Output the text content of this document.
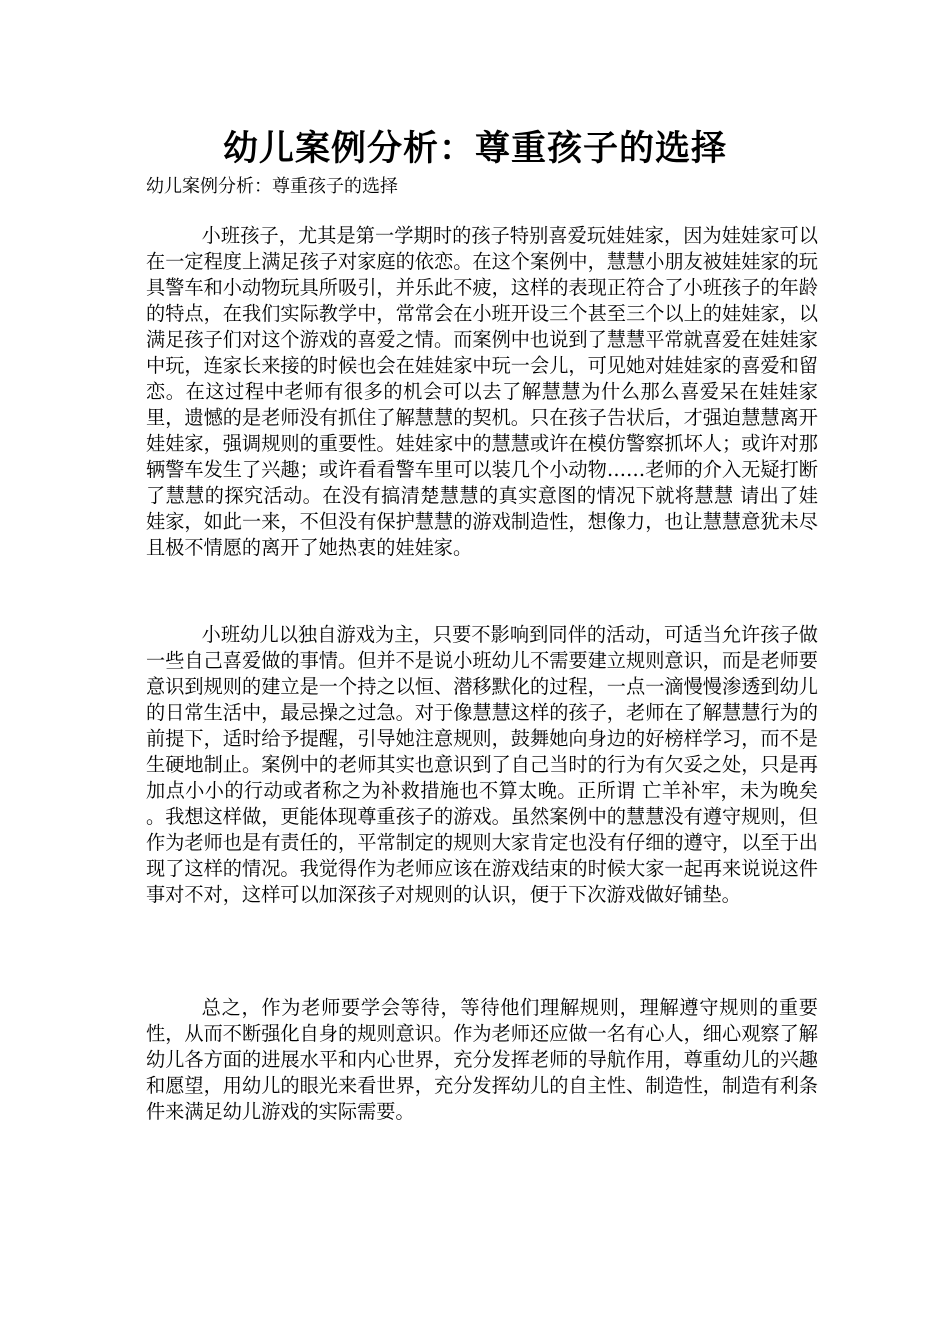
幼儿案例分析：尊重孩子的选择
幼儿案例分析：尊重孩子的选择

小班孩子，尤其是第一学期时的孩子特别喜爱玩娃娃家，因为娃娃家可以在一定程度上满足孩子对家庭的依恋。在这个案例中，慧慧小朋友被娃娃家的玩具警车和小动物玩具所吸引，并乐此不疲，这样的表现正符合了小班孩子的年龄的特点，在我们实际教学中，常常会在小班开设三个甚至三个以上的娃娃家，以满足孩子们对这个游戏的喜爱之情。而案例中也说到了慧慧平常就喜爱在娃娃家中玩，连家长来接的时候也会在娃娃家中玩一会儿，可见她对娃娃家的喜爱和留恋。在这过程中老师有很多的机会可以去了解慧慧为什么那么喜爱呆在娃娃家里，遗憾的是老师没有抓住了解慧慧的契机。只在孩子告状后，才强迫慧慧离开娃娃家，强调规则的重要性。娃娃家中的慧慧或许在模仿警察抓坏人；或许对那辆警车发生了兴趣；或许看看警车里可以装几个小动物……老师的介入无疑打断了慧慧的探究活动。在没有搞清楚慧慧的真实意图的情况下就将慧慧 请出了娃娃家，如此一来，不但没有保护慧慧的游戏制造性，想像力，也让慧慧意犹未尽且极不情愿的离开了她热衷的娃娃家。

小班幼儿以独自游戏为主，只要不影响到同伴的活动，可适当允许孩子做一些自己喜爱做的事情。但并不是说小班幼儿不需要建立规则意识，而是老师要意识到规则的建立是一个持之以恒、潜移默化的过程，一点一滴慢慢渗透到幼儿的日常生活中，最忌操之过急。对于像慧慧这样的孩子，老师在了解慧慧行为的前提下，适时给予提醒，引导她注意规则，鼓舞她向身边的好榜样学习，而不是生硬地制止。案例中的老师其实也意识到了自己当时的行为有欠妥之处，只是再加点小小的行动或者称之为补救措施也不算太晚。正所谓 亡羊补牢，未为晚矣 。我想这样做，更能体现尊重孩子的游戏。虽然案例中的慧慧没有遵守规则，但作为老师也是有责任的，平常制定的规则大家肯定也没有仔细的遵守，以至于出现了这样的情况。我觉得作为老师应该在游戏结束的时候大家一起再来说说这件事对不对，这样可以加深孩子对规则的认识，便于下次游戏做好铺垫。

总之，作为老师要学会等待，等待他们理解规则，理解遵守规则的重要性，从而不断强化自身的规则意识。作为老师还应做一名有心人，细心观察了解幼儿各方面的进展水平和内心世界，充分发挥老师的导航作用，尊重幼儿的兴趣和愿望，用幼儿的眼光来看世界，充分发挥幼儿的自主性、制造性，制造有利条件来满足幼儿游戏的实际需要。
